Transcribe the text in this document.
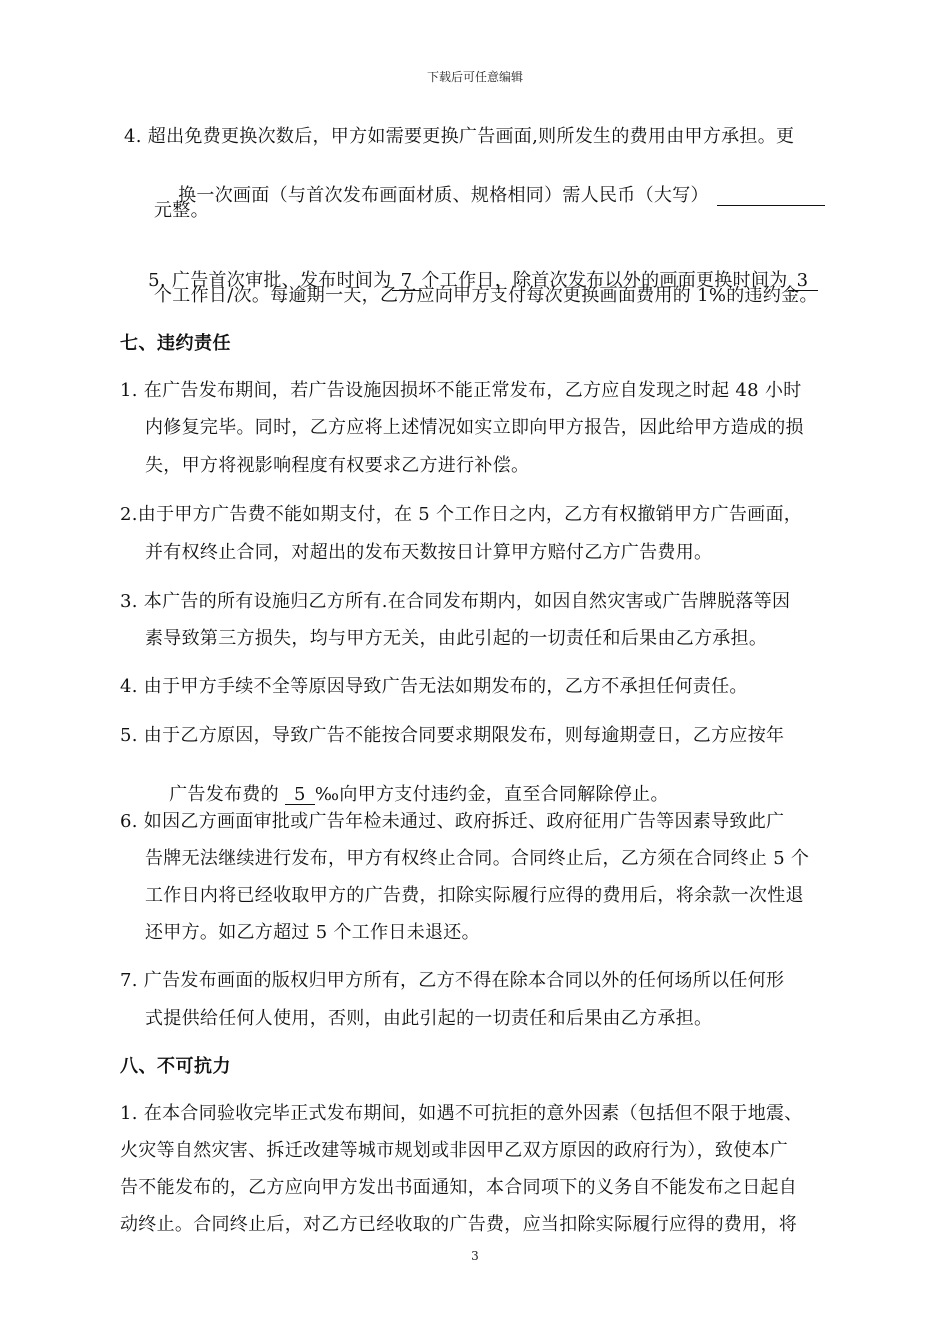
下载后可任意编辑
4. 超出免费更换次数后，甲方如需要更换广告画面,则所发生的费用由甲方承担。更

换一次画面（与首次发布画面材质、规格相同）需人民币（大写）

元整。

5. 广告首次审批、发布时间为 7 个工作日，除首次发布以外的画面更换时间为 3

个工作日/次。每逾期一天，乙方应向甲方支付每次更换画面费用的 1%的违约金。
七、违约责任
1. 在广告发布期间，若广告设施因损坏不能正常发布，乙方应自发现之时起 48 小时
内修复完毕。同时，乙方应将上述情况如实立即向甲方报告，因此给甲方造成的损
失，甲方将视影响程度有权要求乙方进行补偿。
2.由于甲方广告费不能如期支付，在 5 个工作日之内，乙方有权撤销甲方广告画面，
并有权终止合同，对超出的发布天数按日计算甲方赔付乙方广告费用。
3. 本广告的所有设施归乙方所有.在合同发布期内，如因自然灾害或广告牌脱落等因
素导致第三方损失，均与甲方无关，由此引起的一切责任和后果由乙方承担。
4. 由于甲方手续不全等原因导致广告无法如期发布的，乙方不承担任何责任。
5. 由于乙方原因，导致广告不能按合同要求期限发布，则每逾期壹日，乙方应按年

广告发布费的 5 ‰向甲方支付违约金，直至合同解除停止。

6. 如因乙方画面审批或广告年检未通过、政府拆迁、政府征用广告等因素导致此广
告牌无法继续进行发布，甲方有权终止合同。合同终止后，乙方须在合同终止 5 个
工作日内将已经收取甲方的广告费，扣除实际履行应得的费用后，将余款一次性退
还甲方。如乙方超过 5 个工作日未退还。
7. 广告发布画面的版权归甲方所有，乙方不得在除本合同以外的任何场所以任何形
式提供给任何人使用，否则，由此引起的一切责任和后果由乙方承担。
八、不可抗力
1. 在本合同验收完毕正式发布期间，如遇不可抗拒的意外因素（包括但不限于地震、
火灾等自然灾害、拆迁改建等城市规划或非因甲乙双方原因的政府行为），致使本广
告不能发布的，乙方应向甲方发出书面通知，本合同项下的义务自不能发布之日起自
动终止。合同终止后，对乙方已经收取的广告费，应当扣除实际履行应得的费用，将
3
